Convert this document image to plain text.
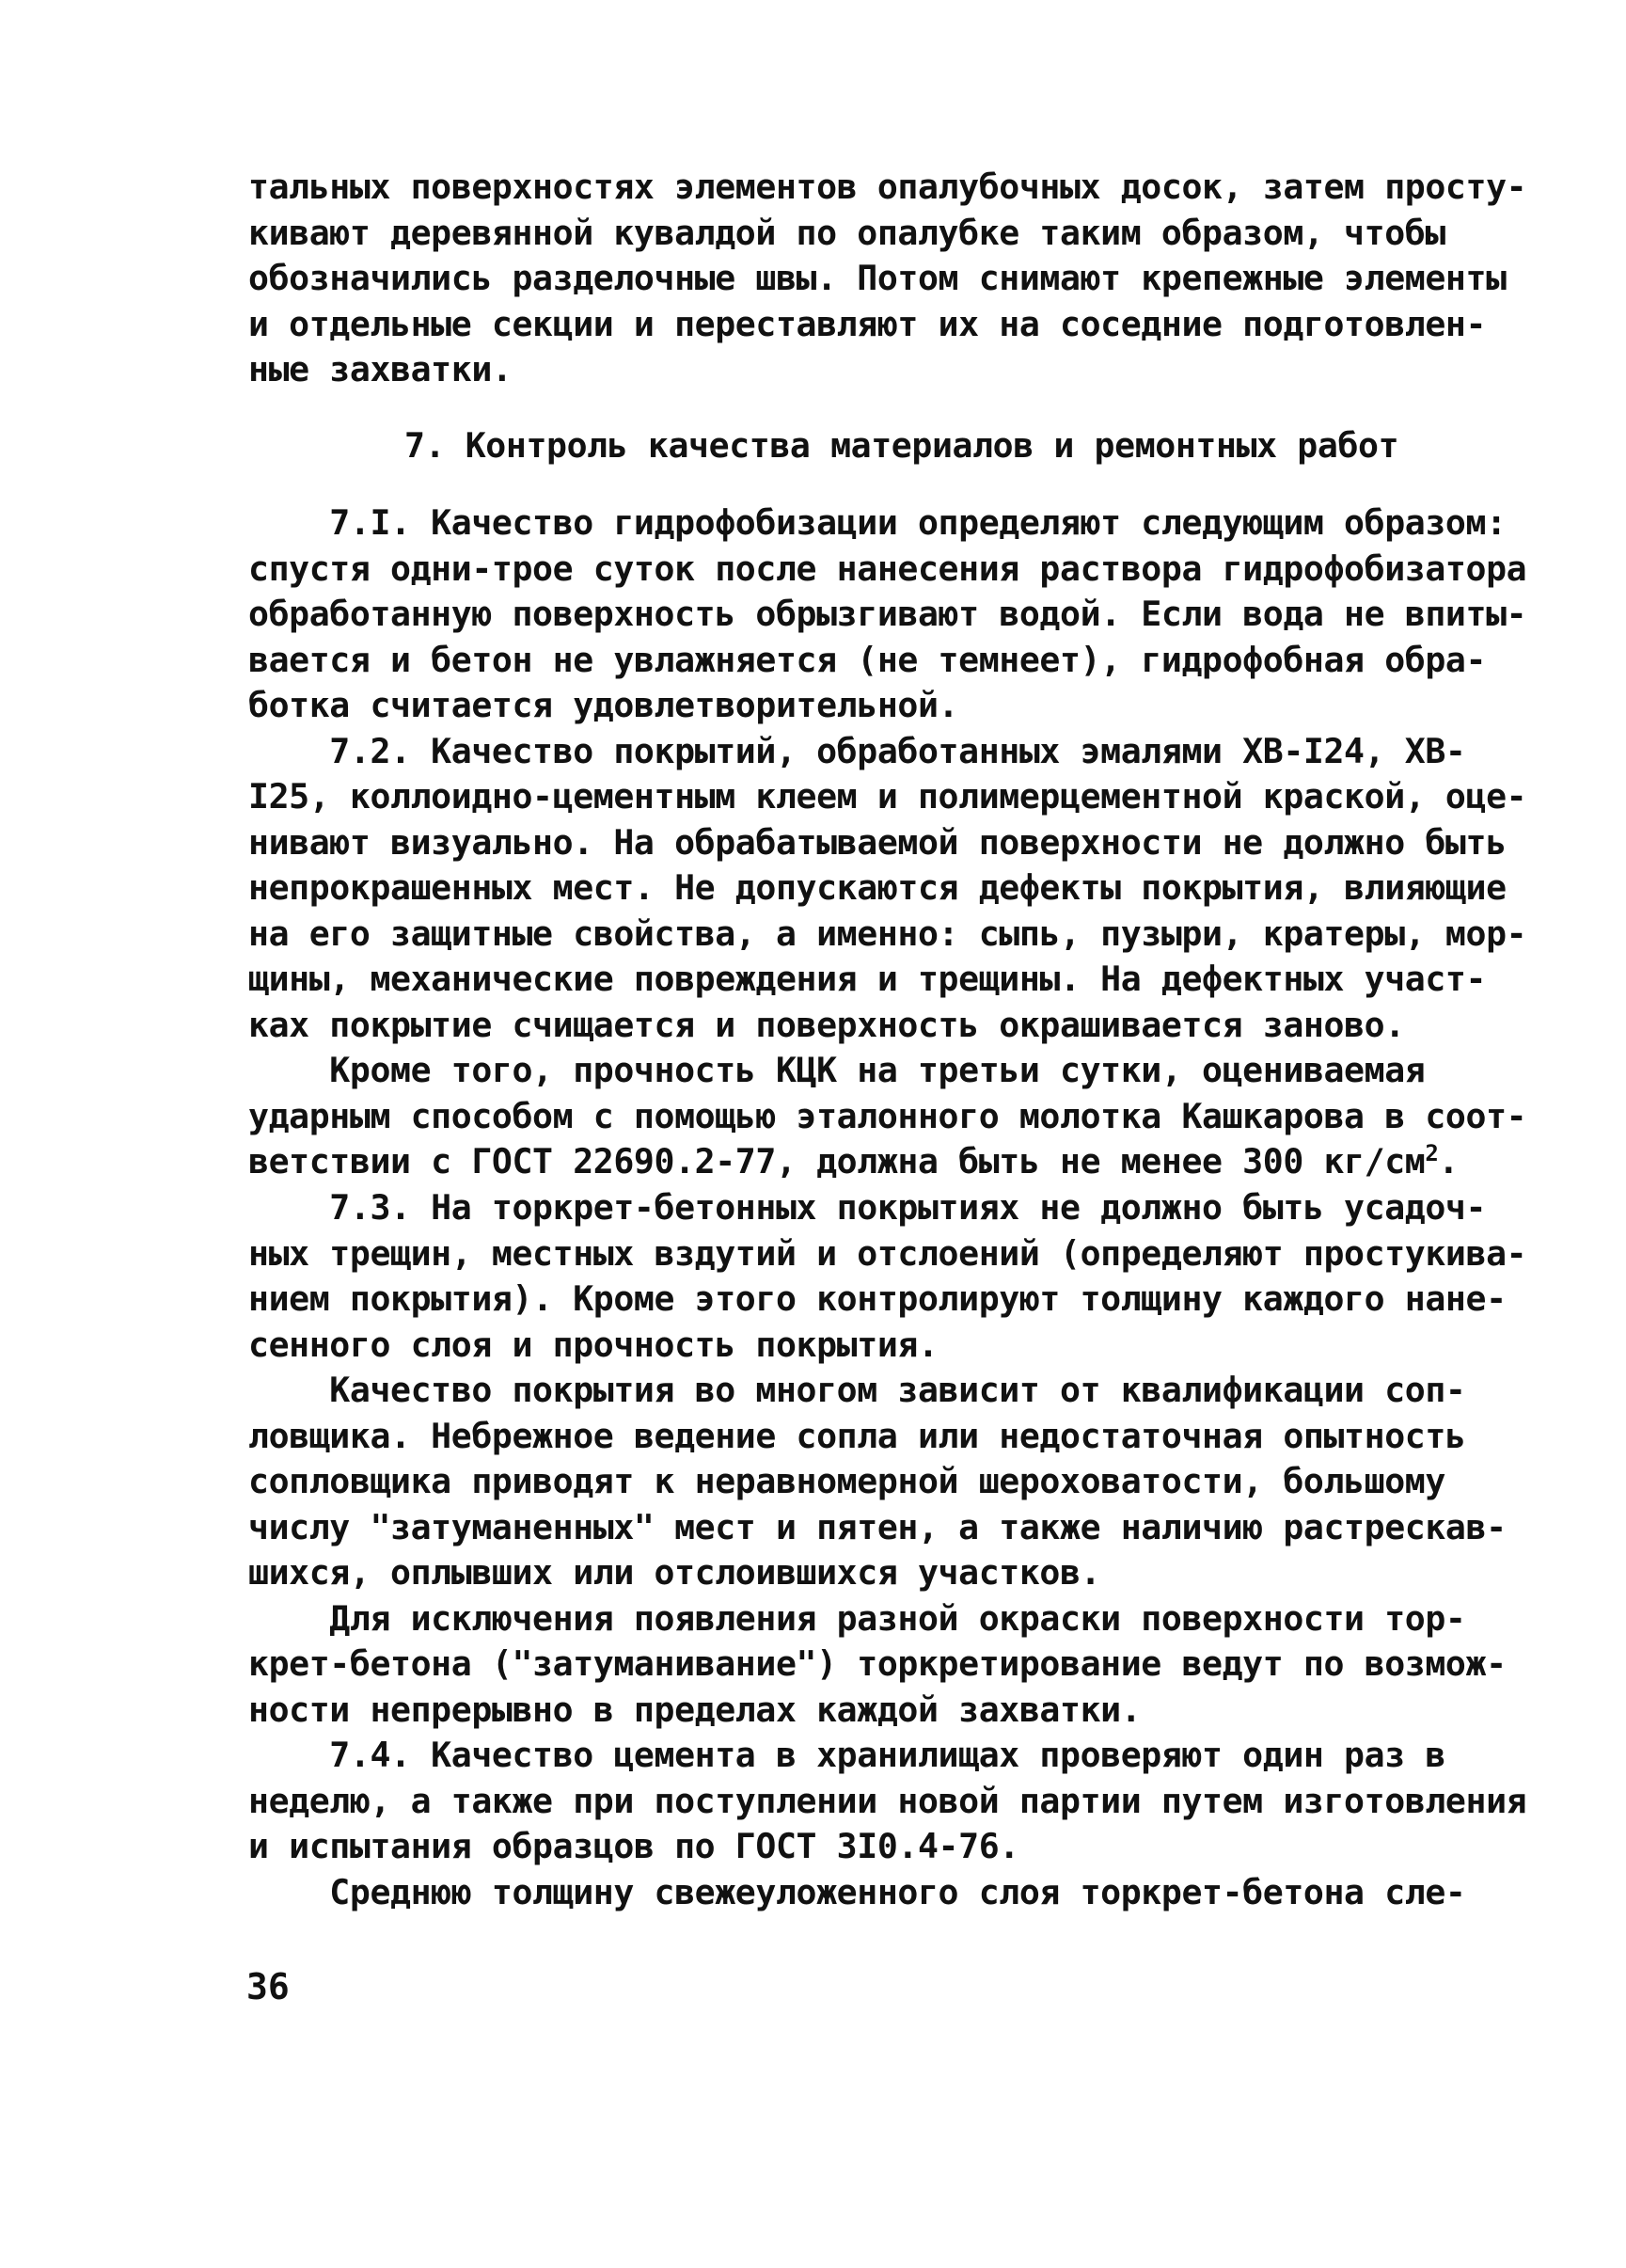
тальных поверхностях элементов опалубочных досок, затем просту-
кивают деревянной кувалдой по опалубке таким образом, чтобы
обозначились разделочные швы. Потом снимают крепежные элементы
и отдельные секции и переставляют их на соседние подготовлен-
ные захватки.
7. Контроль качества материалов и ремонтных работ
7.I. Качество гидрофобизации определяют следующим образом:
спустя одни-трое суток после нанесения раствора гидрофобизатора
обработанную поверхность обрызгивают водой. Если вода не впиты-
вается и бетон не увлажняется (не темнеет), гидрофобная обра-
ботка считается удовлетворительной.
7.2. Качество покрытий, обработанных эмалями ХВ-I24, ХВ-
I25, коллоидно-цементным клеем и полимерцементной краской, оце-
нивают визуально. На обрабатываемой поверхности не должно быть
непрокрашенных мест. Не допускаются дефекты покрытия, влияющие
на его защитные свойства, а именно: сыпь, пузыри, кратеры, мор-
щины, механические повреждения и трещины. На дефектных участ-
ках покрытие счищается и поверхность окрашивается заново.
Кроме того, прочность КЦК на третьи сутки, оцениваемая
ударным способом с помощью эталонного молотка Кашкарова в соот-
ветствии с ГОСТ 22690.2-77, должна быть не менее 300 $кг/см^2$.
7.3. На торкрет-бетонных покрытиях не должно быть усадоч-
ных трещин, местных вздутий и отслоений (определяют простукива-
нием покрытия). Кроме этого контролируют толщину каждого нане-
сенного слоя и прочность покрытия.
Качество покрытия во многом зависит от квалификации соп-
ловщика. Небрежное ведение сопла или недостаточная опытность
сопловщика приводят к неравномерной шероховатости, большому
числу "затуманенных" мест и пятен, а также наличию растрескав-
шихся, оплывших или отслоившихся участков.
Для исключения появления разной окраски поверхности тор-
крет-бетона ("затуманивание") торкретирование ведут по возмож-
ности непрерывно в пределах каждой захватки.
7.4. Качество цемента в хранилищах проверяют один раз в
неделю, а также при поступлении новой партии путем изготовления
и испытания образцов по ГОСТ 3I0.4-76.
Среднюю толщину свежеуложенного слоя торкрет-бетона сле-
36
